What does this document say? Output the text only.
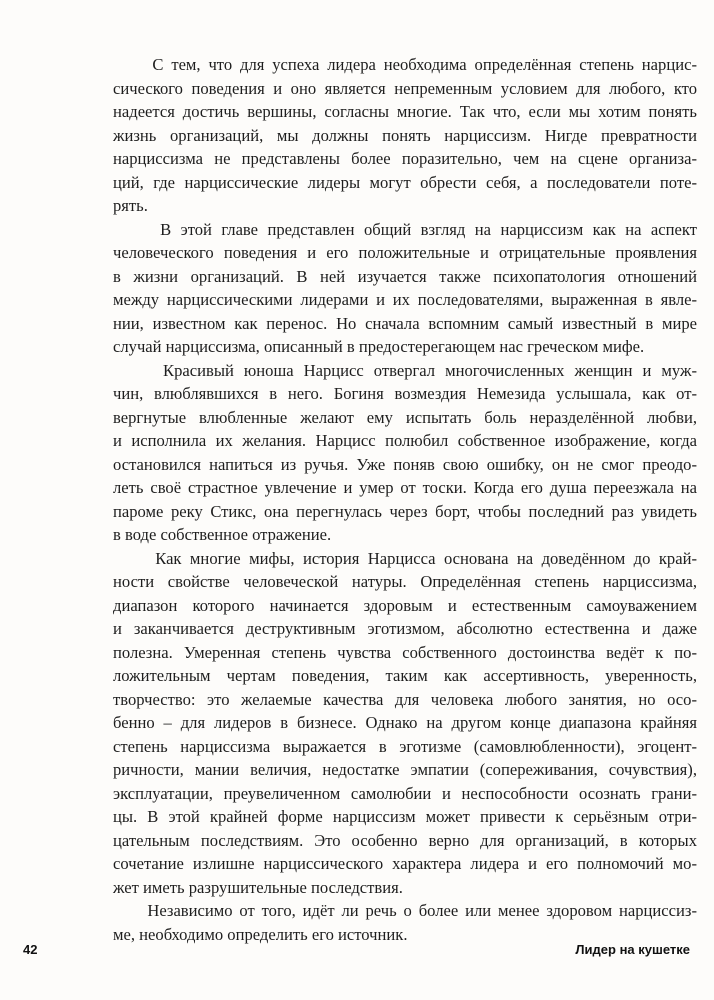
С тем, что для успеха лидера необходима определённая степень нарцис-
сического поведения и оно является непременным условием для любого, кто
надеется достичь вершины, согласны многие. Так что, если мы хотим понять
жизнь организаций, мы должны понять нарциссизм. Нигде превратности
нарциссизма не представлены более поразительно, чем на сцене организа-
ций, где нарциссические лидеры могут обрести себя, а последователи поте-
рять.
В этой главе представлен общий взгляд на нарциссизм как на аспект
человеческого поведения и его положительные и отрицательные проявления
в жизни организаций. В ней изучается также психопатология отношений
между нарциссическими лидерами и их последователями, выраженная в явле-
нии, известном как перенос. Но сначала вспомним самый известный в мире
случай нарциссизма, описанный в предостерегающем нас греческом мифе.
Красивый юноша Нарцисс отвергал многочисленных женщин и муж-
чин, влюблявшихся в него. Богиня возмездия Немезида услышала, как от-
вергнутые влюбленные желают ему испытать боль неразделённой любви,
и исполнила их желания. Нарцисс полюбил собственное изображение, когда
остановился напиться из ручья. Уже поняв свою ошибку, он не смог преодо-
леть своё страстное увлечение и умер от тоски. Когда его душа переезжала на
пароме реку Стикс, она перегнулась через борт, чтобы последний раз увидеть
в воде собственное отражение.
Как многие мифы, история Нарцисса основана на доведённом до край-
ности свойстве человеческой натуры. Определённая степень нарциссизма,
диапазон которого начинается здоровым и естественным самоуважением
и заканчивается деструктивным эготизмом, абсолютно естественна и даже
полезна. Умеренная степень чувства собственного достоинства ведёт к по-
ложительным чертам поведения, таким как ассертивность, уверенность,
творчество: это желаемые качества для человека любого занятия, но осо-
бенно – для лидеров в бизнесе. Однако на другом конце диапазона крайняя
степень нарциссизма выражается в эготизме (самовлюбленности), эгоцент-
ричности, мании величия, недостатке эмпатии (сопереживания, сочувствия),
эксплуатации, преувеличенном самолюбии и неспособности осознать грани-
цы. В этой крайней форме нарциссизм может привести к серьёзным отри-
цательным последствиям. Это особенно верно для организаций, в которых
сочетание излишне нарциссического характера лидера и его полномочий мо-
жет иметь разрушительные последствия.
Независимо от того, идёт ли речь о более или менее здоровом нарциссиз-
ме, необходимо определить его источник.
42	Лидер на кушетке
